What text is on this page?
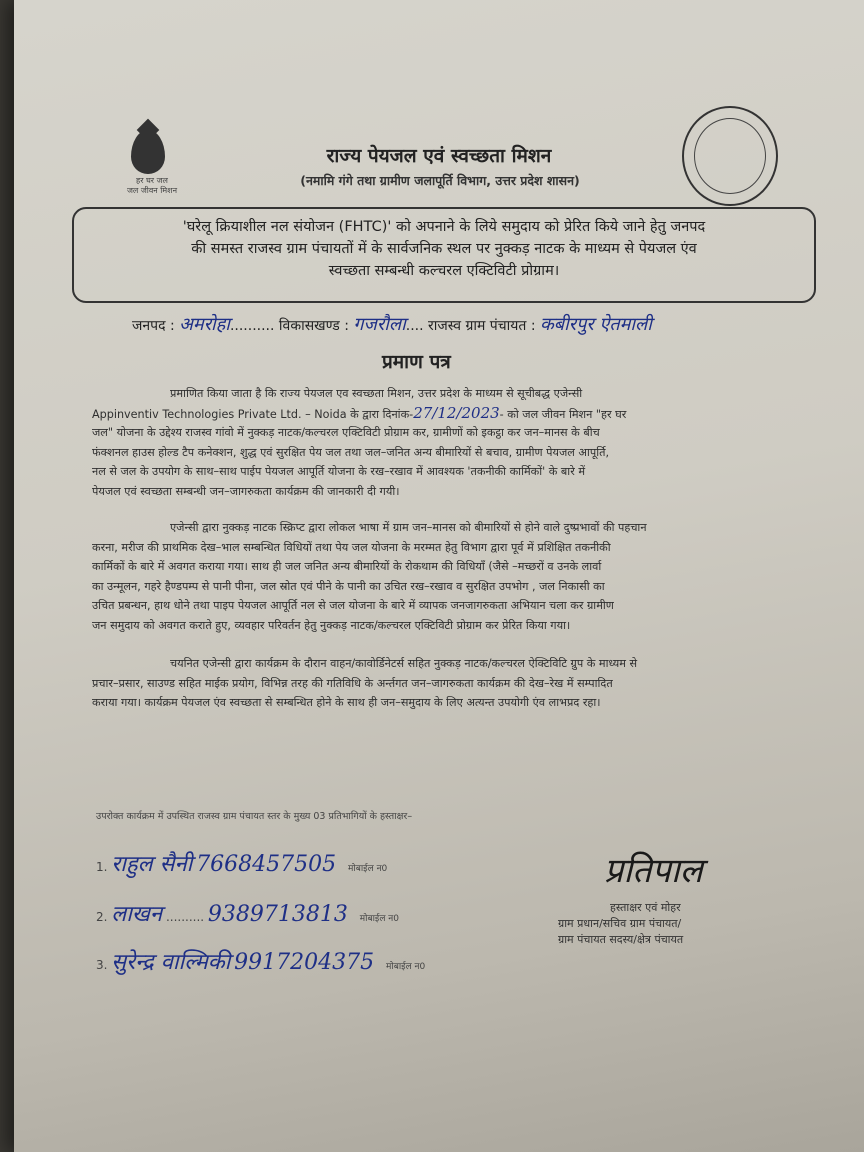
हर घर जल
जल जीवन मिशन
राज्य पेयजल एवं स्वच्छता मिशन
(नमामि गंगे तथा ग्रामीण जलापूर्ति विभाग, उत्तर प्रदेश शासन)
'घरेलू क्रियाशील नल संयोजन (FHTC)' को अपनाने के लिये समुदाय को प्रेरित किये जाने हेतु जनपद
की समस्त राजस्व ग्राम पंचायतों में के सार्वजनिक स्थल पर नुक्कड़ नाटक के माध्यम से पेयजल एंव
स्वच्छता सम्बन्धी कल्चरल एक्टिविटी प्रोग्राम।
जनपद : अमरोहा.......... विकासखण्ड : गजरौला.... राजस्व ग्राम पंचायत : कबीरपुर ऐतमाली
प्रमाण पत्र
प्रमाणित किया जाता है कि राज्य पेयजल एव स्वच्छता मिशन, उत्तर प्रदेश के माध्यम से सूचीबद्ध एजेन्सी
Appinventiv Technologies Private Ltd. – Noida के द्वारा दिनांक-27/12/2023- को जल जीवन मिशन "हर घर
जल" योजना के उद्देश्य राजस्व गांवो में नुक्कड़ नाटक/कल्चरल एक्टिविटी प्रोग्राम कर, ग्रामीणों को इकट्ठा कर जन–मानस के बीच
फंक्शनल हाउस होल्ड टैप कनेक्शन, शुद्ध एवं सुरक्षित पेय जल तथा जल–जनित अन्य बीमारियों से बचाव, ग्रामीण पेयजल आपूर्ति,
नल से जल के उपयोग के साथ–साथ पाईप पेयजल आपूर्ति योजना के रख–रखाव में आवश्यक 'तकनीकी कार्मिकों' के बारे में
पेयजल एवं स्वच्छता सम्बन्धी जन–जागरुकता कार्यक्रम की जानकारी दी गयी।
एजेन्सी द्वारा नुक्कड़ नाटक स्क्रिप्ट द्वारा लोकल भाषा में ग्राम जन–मानस को बीमारियों से होने वाले दुष्प्रभावों की पहचान
करना, मरीज की प्राथमिक देख–भाल सम्बन्धित विधियों तथा पेय जल योजना के मरम्मत हेतु विभाग द्वारा पूर्व में प्रशिक्षित तकनीकी
कार्मिकों के बारे में अवगत कराया गया। साथ ही जल जनित अन्य बीमारियों के रोकथाम की विधियाँ (जैसे –मच्छरों व उनके लार्वा
का उन्मूलन, गहरे हैण्डपम्प से पानी पीना, जल स्रोत एवं पीने के पानी का उचित रख–रखाव व सुरक्षित उपभोग , जल निकासी का
उचित प्रबन्धन, हाथ धोने तथा पाइप पेयजल आपूर्ति नल से जल योजना के बारे में व्यापक जनजागरुकता अभियान चला कर ग्रामीण
जन समुदाय को अवगत कराते हुए, व्यवहार परिवर्तन हेतु नुक्कड़ नाटक/कल्चरल एक्टिविटी प्रोग्राम कर प्रेरित किया गया।
चयनित एजेन्सी द्वारा कार्यक्रम के दौरान वाहन/कावोर्डिनेटर्स सहित नुक्कड़ नाटक/कल्चरल ऐक्टिविटि ग्रुप के माध्यम से
प्रचार–प्रसार, साउण्ड सहित माईक प्रयोग, विभिन्न तरह की गतिविधि के अर्न्तगत जन–जागरुकता कार्यक्रम की देख–रेख में सम्पादित
कराया गया। कार्यक्रम पेयजल एंव स्वच्छता से सम्बन्धित होने के साथ ही जन–समुदाय के लिए अत्यन्त उपयोगी एंव लाभप्रद रहा।
उपरोक्त कार्यक्रम में उपस्थित राजस्व ग्राम पंचायत स्तर के मुख्य 03 प्रतिभागियों के हस्ताक्षर–
1. राहुल सैनी 7668457505 मोबाईल न0
2. लाखन .......... 9389713813 मोबाईल न0
3. सुरेन्द्र वाल्मिकी 9917204375 मोबाईल न0
प्रतिपाल
हस्ताक्षर एवं मोहर
ग्राम प्रधान/सचिव ग्राम पंचायत/
ग्राम पंचायत सदस्य/क्षेत्र पंचायत
